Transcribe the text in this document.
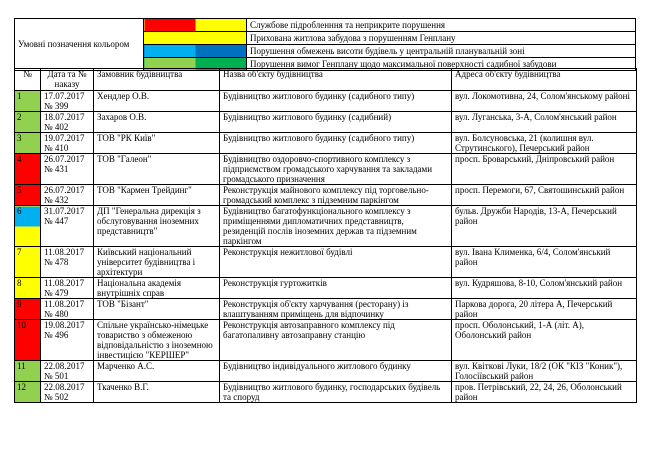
Умовні позначення кольором		Службове підробленння та неприкрите порушення
		Прихована житлова забудова з порушенням Генплану
		Порушення обмежень висоти будівель у центральній планувальній зоні
		Порушення вимог Генплану щодо максимальної поверхності садибної забудови
№	Дата та № наказу	Замовник будівництва	Назва об'єкту будівництва	Адреса об'єкту будівництва
1	17.07.2017 № 399	Хендлер О.В.	Будівництво житлового будинку (садибного типу)	вул. Локомотивна, 24, Солом'янському районі
2	18.07.2017 № 402	Захаров О.В.	Будівництво житлового будинку (садибний)	вул. Луганська, 3-А, Солом'янський район
3	19.07.2017 № 410	ТОВ "РК Київ"	Будівництво житлового будинку (садибного типу)	вул. Болсуновська, 21 (колишня вул. Струтинського), Печерський район
4	26.07.2017 № 431	ТОВ "Галеон"	Будівництво оздоровчо-спортивного комплексу з підприємством громадського харчування та закладами громадського призначення	просп. Броварський, Дніпровський район
5	26.07.2017 № 432	ТОВ "Кармен Трейдинг"	Реконструкція майнового комплексу під торговельно-громадський комплекс з підземним паркінгом	просп. Перемоги, 67, Святошинський район
6	31.07.2017 № 447	ДП "Генеральна дирекція з обслуговування іноземних представництв"	Будівництво багатофункціонального комплексу з приміщеннями дипломатичних представництв, резиденцій послів іноземних держав та підземним паркінгом	бульв. Дружби Народів, 13-А, Печерський район
7	11.08.2017 № 478	Київський національний університет будівництва і архітектури	Реконструкція нежитлової будівлі	вул. Івана Клименка, 6/4, Солом'янський район
8	11.08.2017 № 479	Національна академія внутрішніх справ	Реконструкція гуртожитків	вул. Кудряшова, 8-10, Солом'янський район
9	11.08.2017 № 480	ТОВ "Бізант"	Реконструкція об'єкту харчування (ресторану) із влаштуванням приміщень для відпочинку	Паркова дорога, 20 літера А, Печерський район
10	19.08.2017 № 496	Спільне українсько-німецьке товариство з обмеженою відповідальністю з іноземною інвестицією "КЕРШЕР"	Реконструкція автозаправного комплексу під багатопаливну автозаправну станцію	просп. Оболонський, 1-А (літ. А), Оболонський район
11	22.08.2017 № 501	Марченко А.С.	Будівництво індивідуального житлового будинку	вул. Квіткові Луки, 18/2 (ОК "КІЗ "Коник"), Голосіївський район
12	22.08.2017 № 502	Ткаченко В.Г.	Будівництво житлового будинку, господарських будівель та споруд	пров. Петрівський, 22, 24, 26, Оболонський район
